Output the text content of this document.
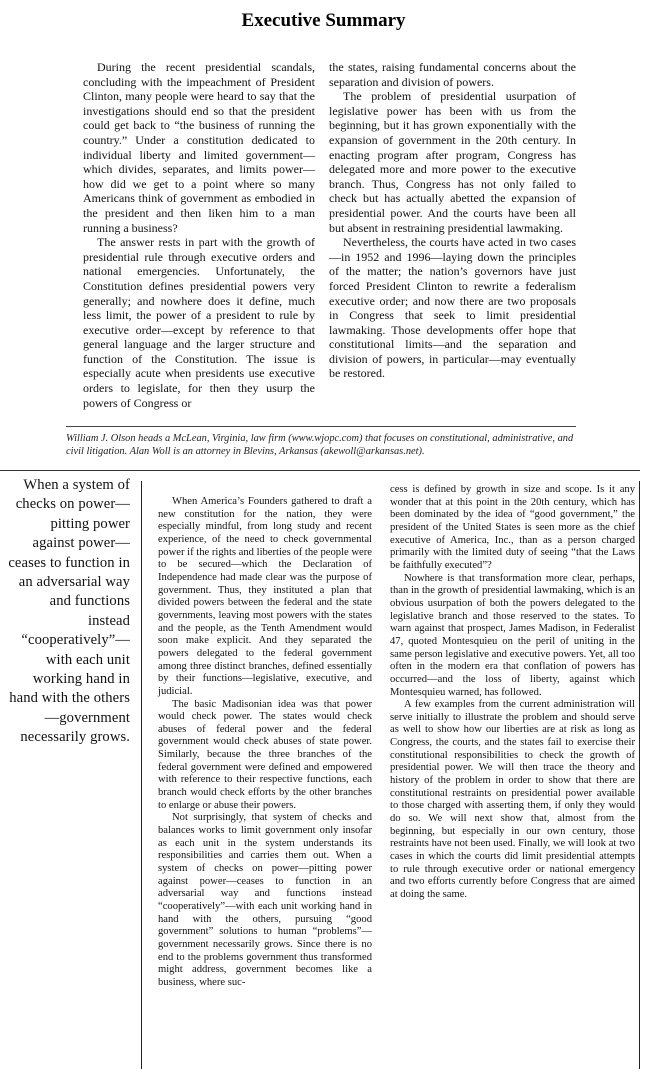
Executive Summary

During the recent presidential scandals, concluding with the impeachment of President Clinton, many people were heard to say that the investigations should end so that the president could get back to “the business of running the country.” Under a constitution dedicated to individual liberty and limited government—which divides, separates, and limits power—how did we get to a point where so many Americans think of government as embodied in the president and then liken him to a man running a business?

The answer rests in part with the growth of presidential rule through executive orders and national emergencies. Unfortunately, the Constitution defines presidential powers very generally; and nowhere does it define, much less limit, the power of a president to rule by executive order—except by reference to that general language and the larger structure and function of the Constitution. The issue is especially acute when presidents use executive orders to legislate, for then they usurp the powers of Congress or

the states, raising fundamental concerns about the separation and division of powers.

The problem of presidential usurpation of legislative power has been with us from the beginning, but it has grown exponentially with the expansion of government in the 20th century. In enacting program after program, Congress has delegated more and more power to the executive branch. Thus, Congress has not only failed to check but has actually abetted the expansion of presidential power. And the courts have been all but absent in restraining presidential lawmaking.

Nevertheless, the courts have acted in two cases—in 1952 and 1996—laying down the principles of the matter; the nation’s governors have just forced President Clinton to rewrite a federalism executive order; and now there are two proposals in Congress that seek to limit presidential lawmaking. Those developments offer hope that constitutional limits—and the separation and division of powers, in particular—may eventually be restored.

William J. Olson heads a McLean, Virginia, law firm (www.wjopc.com) that focuses on constitutional, administrative, and civil litigation. Alan Woll is an attorney in Blevins, Arkansas (akewoll@arkansas.net).
When a system of checks on power—pitting power against power—ceases to function in an adversarial way and functions instead “cooperatively”—with each unit working hand in hand with the others—government necessarily grows.

When America’s Founders gathered to draft a new constitution for the nation, they were especially mindful, from long study and recent experience, of the need to check governmental power if the rights and liberties of the people were to be secured—which the Declaration of Independence had made clear was the purpose of government. Thus, they instituted a plan that divided powers between the federal and the state governments, leaving most powers with the states and the people, as the Tenth Amendment would soon make explicit. And they separated the powers delegated to the federal government among three distinct branches, defined essentially by their functions—legislative, executive, and judicial.

The basic Madisonian idea was that power would check power. The states would check abuses of federal power and the federal government would check abuses of state power. Similarly, because the three branches of the federal government were defined and empowered with reference to their respective functions, each branch would check efforts by the other branches to enlarge or abuse their powers.

Not surprisingly, that system of checks and balances works to limit government only insofar as each unit in the system understands its responsibilities and carries them out. When a system of checks on power—pitting power against power—ceases to function in an adversarial way and functions instead “cooperatively”—with each unit working hand in hand with the others, pursuing “good government” solutions to human “problems”—government necessarily grows. Since there is no end to the problems government thus transformed might address, government becomes like a business, where suc-

cess is defined by growth in size and scope. Is it any wonder that at this point in the 20th century, which has been dominated by the idea of “good government,” the president of the United States is seen more as the chief executive of America, Inc., than as a person charged primarily with the limited duty of seeing “that the Laws be faithfully executed”?

Nowhere is that transformation more clear, perhaps, than in the growth of presidential lawmaking, which is an obvious usurpation of both the powers delegated to the legislative branch and those reserved to the states. To warn against that prospect, James Madison, in Federalist 47, quoted Montesquieu on the peril of uniting in the same person legislative and executive powers. Yet, all too often in the modern era that conflation of powers has occurred—and the loss of liberty, against which Montesquieu warned, has followed.

A few examples from the current administration will serve initially to illustrate the problem and should serve as well to show how our liberties are at risk as long as Congress, the courts, and the states fail to exercise their constitutional responsibilities to check the growth of presidential power. We will then trace the theory and history of the problem in order to show that there are constitutional restraints on presidential power available to those charged with asserting them, if only they would do so. We will next show that, almost from the beginning, but especially in our own century, those restraints have not been used. Finally, we will look at two cases in which the courts did limit presidential attempts to rule through executive order or national emergency and two efforts currently before Congress that are aimed at doing the same.
